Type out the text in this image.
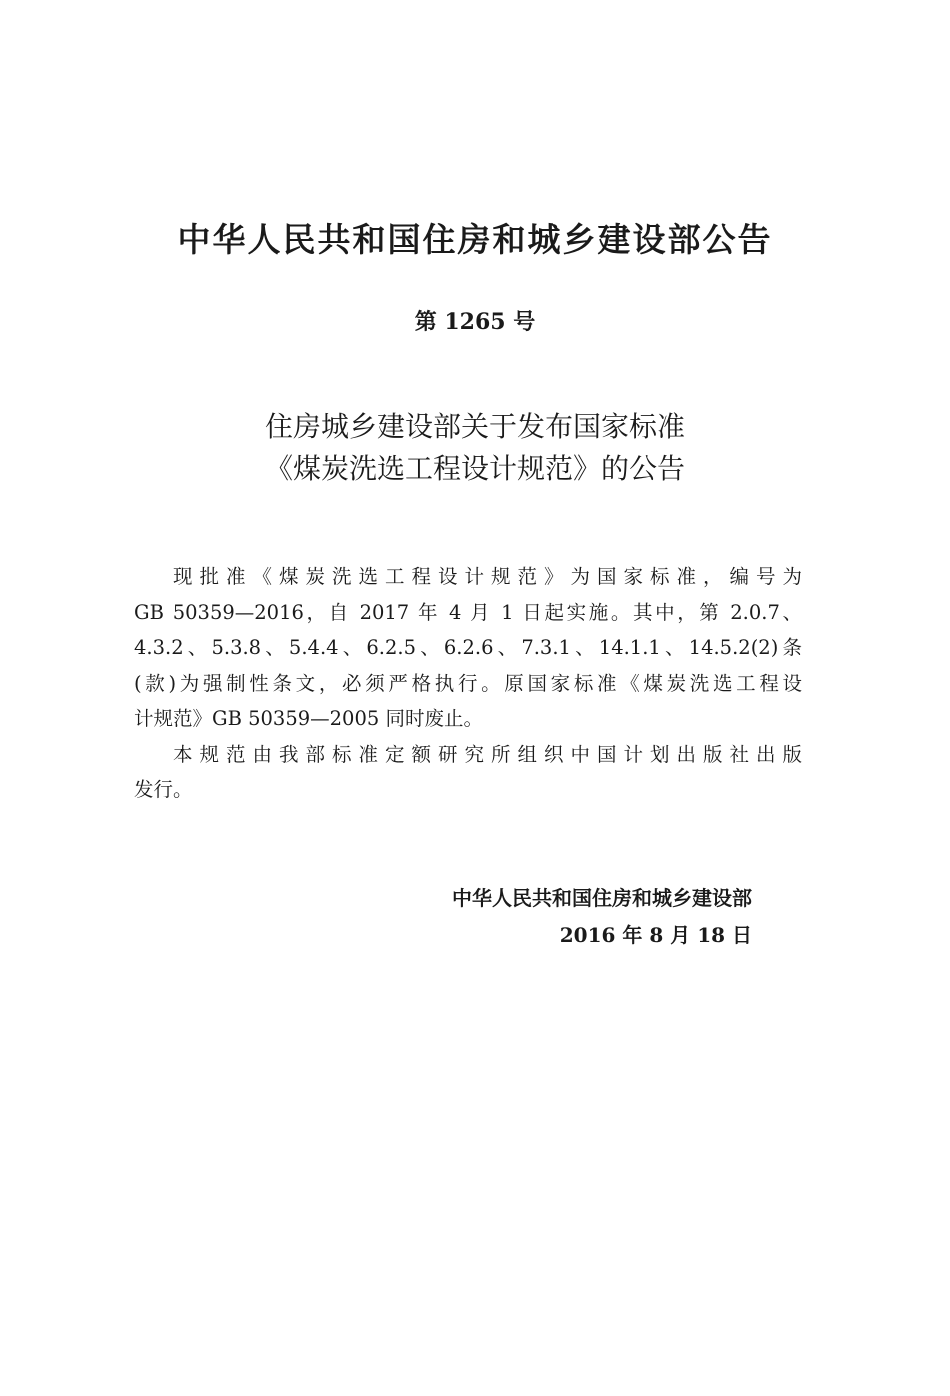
中华人民共和国住房和城乡建设部公告
第 1265 号
住房城乡建设部关于发布国家标准
《煤炭洗选工程设计规范》的公告
现批准《煤炭洗选工程设计规范》为国家标准，编号为
GB 50359—2016，自 2017 年 4 月 1 日起实施。其中，第 2.0.7、
4.3.2、5.3.8、5.4.4、6.2.5、6.2.6、7.3.1、14.1.1、14.5.2(2)条
(款)为强制性条文，必须严格执行。原国家标准《煤炭洗选工程设
计规范》GB 50359—2005 同时废止。
本规范由我部标准定额研究所组织中国计划出版社出版
发行。
中华人民共和国住房和城乡建设部
2016 年 8 月 18 日
